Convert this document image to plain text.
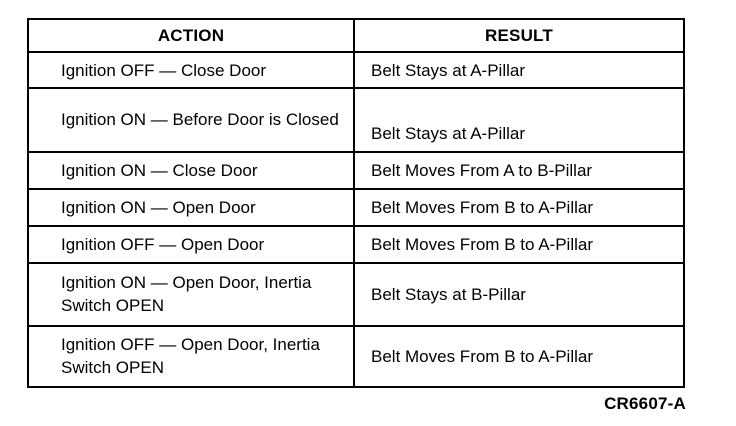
ACTION	RESULT
Ignition OFF — Close Door	Belt Stays at A-Pillar
Ignition ON — Before Door is Closed	Belt Stays at A-Pillar
Ignition ON — Close Door	Belt Moves From A to B-Pillar
Ignition ON — Open Door	Belt Moves From B to A-Pillar
Ignition OFF — Open Door	Belt Moves From B to A-Pillar
Ignition ON — Open Door, Inertia Switch OPEN	Belt Stays at B-Pillar
Ignition OFF — Open Door, Inertia Switch OPEN	Belt Moves From B to A-Pillar
CR6607-A
